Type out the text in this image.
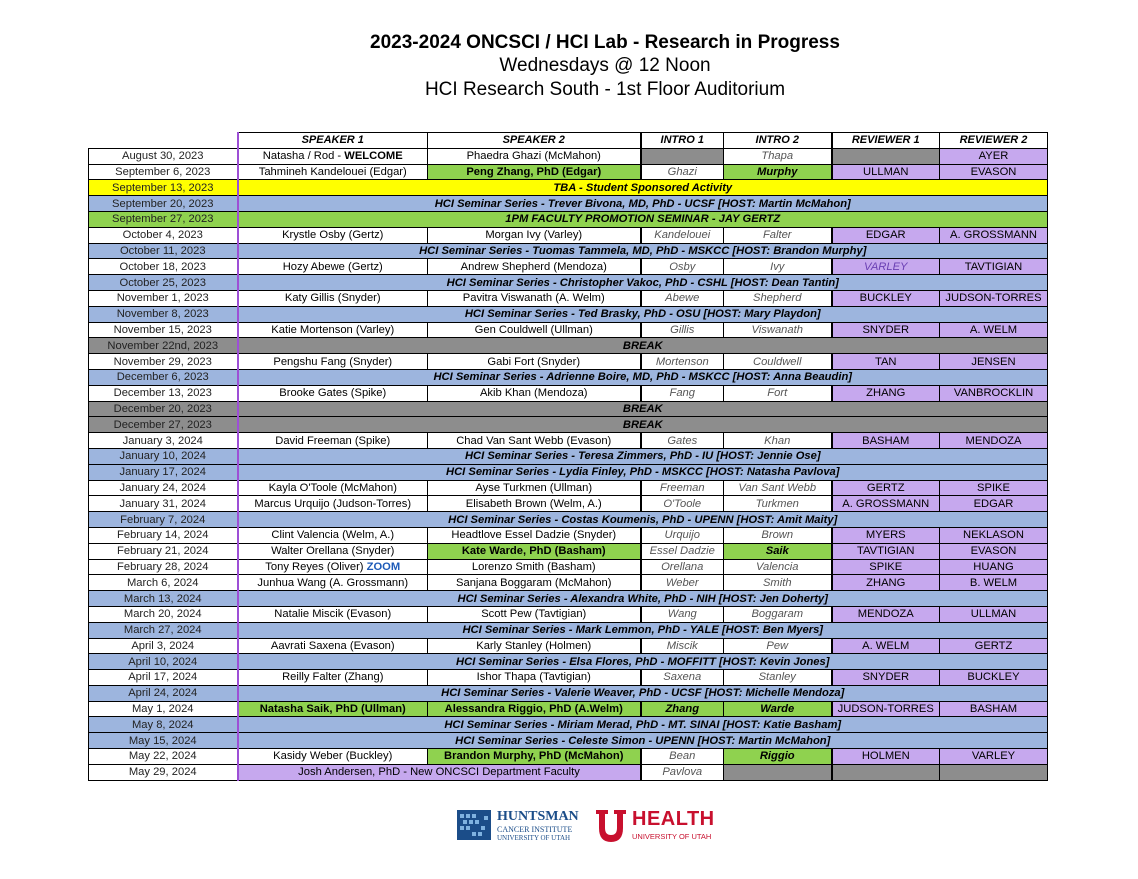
2023-2024 ONCSCI / HCI Lab - Research in Progress
Wednesdays @ 12 Noon
HCI Research South - 1st Floor Auditorium
	SPEAKER 1	SPEAKER 2	INTRO 1	INTRO 2	REVIEWER 1	REVIEWER 2
August 30, 2023	Natasha / Rod - WELCOME	Phaedra Ghazi (McMahon)		Thapa		AYER
September 6, 2023	Tahmineh Kandelouei (Edgar)	Peng Zhang, PhD (Edgar)	Ghazi	Murphy	ULLMAN	EVASON
September 13, 2023	TBA - Student Sponsored Activity					
September 20, 2023	HCI Seminar Series - Trever Bivona, MD, PhD - UCSF [HOST: Martin McMahon]					
September 27, 2023	1PM FACULTY PROMOTION SEMINAR - JAY GERTZ					
October 4, 2023	Krystle Osby (Gertz)	Morgan Ivy (Varley)	Kandelouei	Falter	EDGAR	A. GROSSMANN
October 11, 2023	HCI Seminar Series - Tuomas Tammela, MD, PhD - MSKCC [HOST: Brandon Murphy]					
October 18, 2023	Hozy Abewe (Gertz)	Andrew Shepherd (Mendoza)	Osby	Ivy	VARLEY	TAVTIGIAN
October 25, 2023	HCI Seminar Series - Christopher Vakoc, PhD - CSHL [HOST: Dean Tantin]					
November 1, 2023	Katy Gillis (Snyder)	Pavitra Viswanath (A. Welm)	Abewe	Shepherd	BUCKLEY	JUDSON-TORRES
November 8, 2023	HCI Seminar Series - Ted Brasky, PhD - OSU [HOST: Mary Playdon]					
November 15, 2023	Katie Mortenson (Varley)	Gen Couldwell (Ullman)	Gillis	Viswanath	SNYDER	A. WELM
November 22nd, 2023	BREAK					
November 29, 2023	Pengshu Fang (Snyder)	Gabi Fort (Snyder)	Mortenson	Couldwell	TAN	JENSEN
December 6, 2023	HCI Seminar Series - Adrienne Boire, MD, PhD - MSKCC [HOST: Anna Beaudin]					
December 13, 2023	Brooke Gates (Spike)	Akib Khan (Mendoza)	Fang	Fort	ZHANG	VANBROCKLIN
December 20, 2023	BREAK					
December 27, 2023	BREAK					
January 3, 2024	David Freeman (Spike)	Chad Van Sant Webb (Evason)	Gates	Khan	BASHAM	MENDOZA
January 10, 2024	HCI Seminar Series - Teresa Zimmers, PhD - IU [HOST: Jennie Ose]					
January 17, 2024	HCI Seminar Series - Lydia Finley, PhD - MSKCC [HOST: Natasha Pavlova]					
January 24, 2024	Kayla O'Toole (McMahon)	Ayse Turkmen (Ullman)	Freeman	Van Sant Webb	GERTZ	SPIKE
January 31, 2024	Marcus Urquijo (Judson-Torres)	Elisabeth Brown (Welm, A.)	O'Toole	Turkmen	A. GROSSMANN	EDGAR
February 7, 2024	HCI Seminar Series - Costas Koumenis, PhD - UPENN [HOST: Amit Maity]					
February 14, 2024	Clint Valencia (Welm, A.)	Headtlove Essel Dadzie (Snyder)	Urquijo	Brown	MYERS	NEKLASON
February 21, 2024	Walter Orellana (Snyder)	Kate Warde, PhD (Basham)	Essel Dadzie	Saik	TAVTIGIAN	EVASON
February 28, 2024	Tony Reyes (Oliver) ZOOM	Lorenzo Smith (Basham)	Orellana	Valencia	SPIKE	HUANG
March 6, 2024	Junhua Wang (A. Grossmann)	Sanjana Boggaram (McMahon)	Weber	Smith	ZHANG	B. WELM
March 13, 2024	HCI Seminar Series - Alexandra White, PhD - NIH [HOST: Jen Doherty]					
March 20, 2024	Natalie Miscik (Evason)	Scott Pew (Tavtigian)	Wang	Boggaram	MENDOZA	ULLMAN
March 27, 2024	HCI Seminar Series - Mark Lemmon, PhD - YALE [HOST: Ben Myers]					
April 3, 2024	Aavrati Saxena (Evason)	Karly Stanley (Holmen)	Miscik	Pew	A. WELM	GERTZ
April 10, 2024	HCI Seminar Series - Elsa Flores, PhD - MOFFITT [HOST: Kevin Jones]					
April 17, 2024	Reilly Falter (Zhang)	Ishor Thapa (Tavtigian)	Saxena	Stanley	SNYDER	BUCKLEY
April 24, 2024	HCI Seminar Series - Valerie Weaver, PhD - UCSF [HOST: Michelle Mendoza]					
May 1, 2024	Natasha Saik, PhD (Ullman)	Alessandra Riggio, PhD (A.Welm)	Zhang	Warde	JUDSON-TORRES	BASHAM
May 8, 2024	HCI Seminar Series - Miriam Merad, PhD - MT. SINAI [HOST: Katie Basham]					
May 15, 2024	HCI Seminar Series - Celeste Simon - UPENN [HOST: Martin McMahon]					
May 22, 2024	Kasidy Weber (Buckley)	Brandon Murphy, PhD (McMahon)	Bean	Riggio	HOLMEN	VARLEY
May 29, 2024	Josh Andersen, PhD - New ONCSCI Department Faculty		Pavlova			
HUNTSMAN
CANCER INSTITUTE
UNIVERSITY OF UTAH
HEALTH
UNIVERSITY OF UTAH
